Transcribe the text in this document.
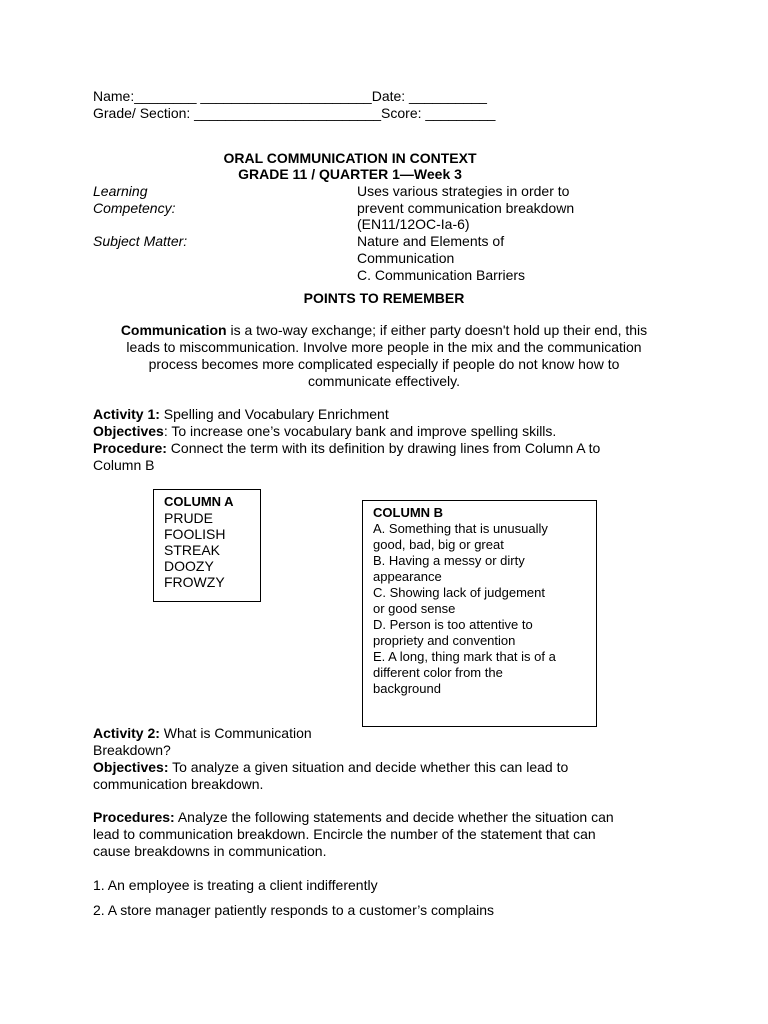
Name:________ ______________________Date: __________
Grade/ Section: ________________________Score: _________
ORAL COMMUNICATION IN CONTEXT
GRADE 11 / QUARTER 1—Week 3
Learning
Competency:
Uses various strategies in order to
prevent communication breakdown
(EN11/12OC-Ia-6)
Subject Matter:	Nature and Elements of
Communication
C. Communication Barriers
POINTS TO REMEMBER
Communication is a two-way exchange; if either party doesn't hold up their end, this
leads to miscommunication. Involve more people in the mix and the communication
process becomes more complicated especially if people do not know how to
communicate effectively.
Activity 1: Spelling and Vocabulary Enrichment
Objectives: To increase one’s vocabulary bank and improve spelling skills.
Procedure: Connect the term with its definition by drawing lines from Column A to
Column B
COLUMN A
PRUDE
FOOLISH
STREAK
DOOZY
FROWZY
COLUMN B
A. Something that is unusually
good, bad, big or great
B. Having a messy or dirty
appearance
C. Showing lack of judgement
or good sense
D. Person is too attentive to
propriety and convention
E. A long, thing mark that is of a
different color from the
background
Activity 2: What is Communication
Breakdown?
Objectives: To analyze a given situation and decide whether this can lead to
communication breakdown.
Procedures: Analyze the following statements and decide whether the situation can
lead to communication breakdown. Encircle the number of the statement that can
cause breakdowns in communication.
1. An employee is treating a client indifferently
2. A store manager patiently responds to a customer’s complains
